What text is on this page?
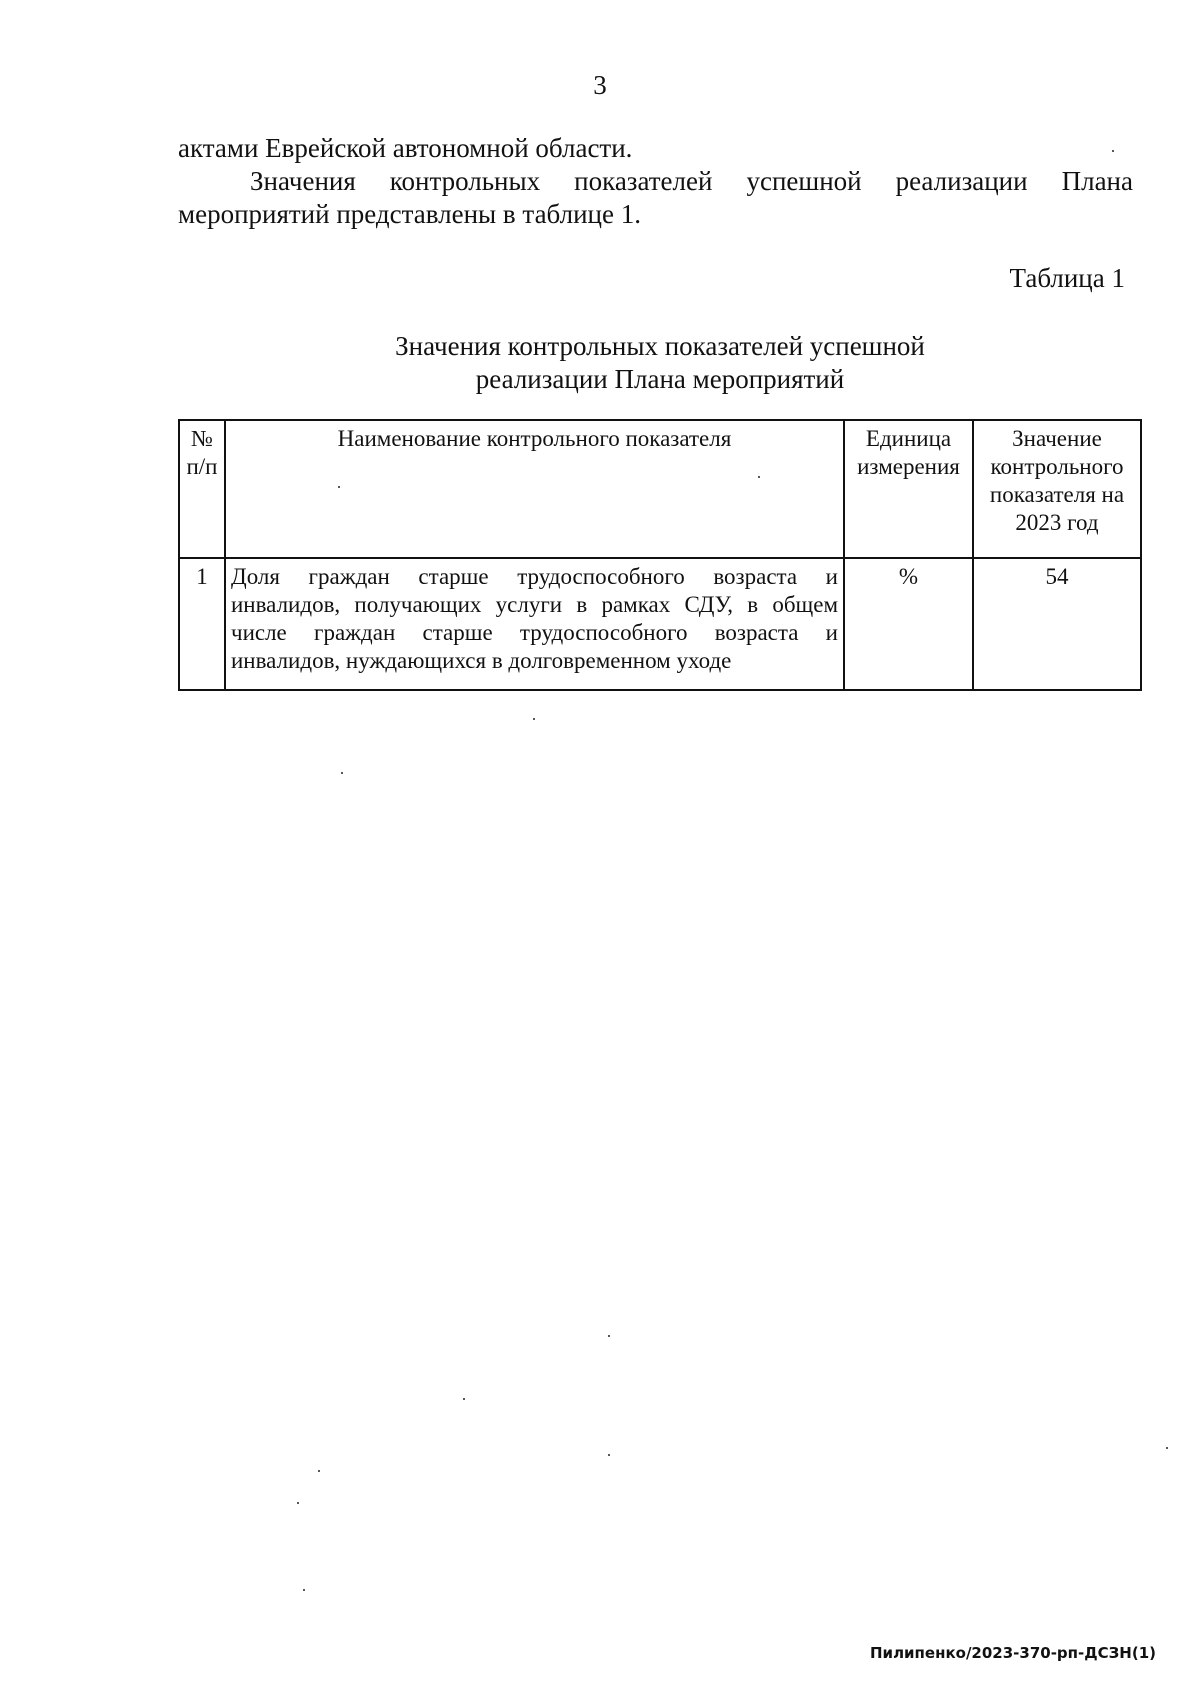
3
актами Еврейской автономной области.
Значения контрольных показателей успешной реализации Плана мероприятий представлены в таблице 1.
Таблица 1
Значения контрольных показателей успешной
реализации Плана мероприятий
№ п/п	Наименование контрольного показателя	Единица измерения	Значение контрольного показателя на 2023 год
1	Доля граждан старше трудоспособного возраста и инвалидов, получающих услуги в рамках СДУ, в общем числе граждан старше трудоспособного возраста и инвалидов, нуждающихся в долговременном уходе	%	54
Пилипенко/2023-370-рп-ДСЗН(1)
